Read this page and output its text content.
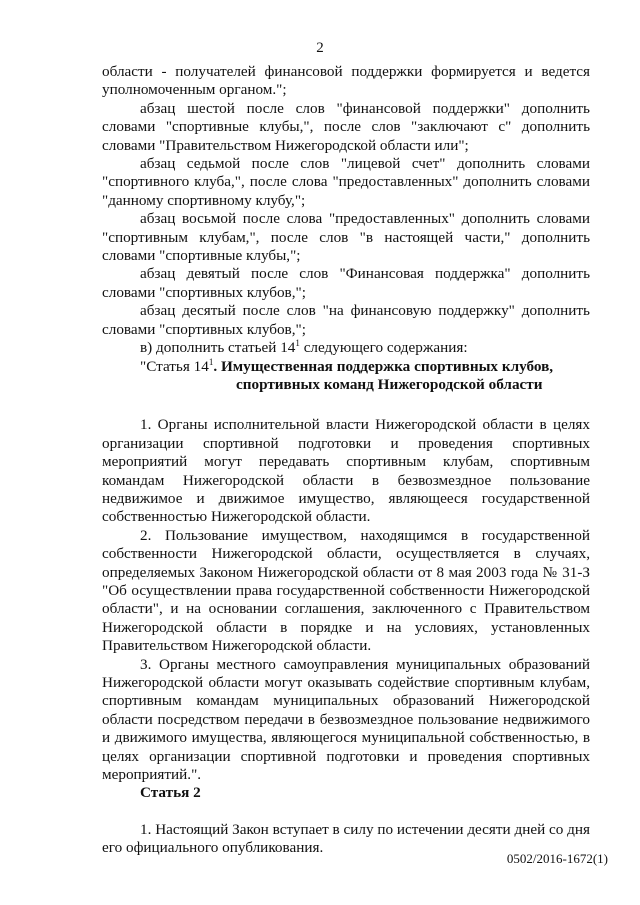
2

области - получателей финансовой поддержки формируется и ведется уполномоченным органом.";

абзац шестой после слов "финансовой поддержки" дополнить словами "спортивные клубы,", после слов "заключают с" дополнить словами "Правительством Нижегородской области или";

абзац седьмой после слов "лицевой счет" дополнить словами "спортивного клуба,", после слова "предоставленных" дополнить словами "данному спортивному клубу,";

абзац восьмой после слова "предоставленных" дополнить словами "спортивным клубам,", после слов "в настоящей части," дополнить словами "спортивные клубы,";

абзац девятый после слов "Финансовая поддержка" дополнить словами "спортивных клубов,";

абзац десятый после слов "на финансовую поддержку" дополнить словами "спортивных клубов,";

в) дополнить статьей $14^1$ следующего содержания:

"Статья $14^1$. Имущественная поддержка спортивных клубов,
спортивных команд Нижегородской области

1. Органы исполнительной власти Нижегородской области в целях организации спортивной подготовки и проведения спортивных мероприятий могут передавать спортивным клубам, спортивным командам Нижегородской области в безвозмездное пользование недвижимое и движимое имущество, являющееся государственной собственностью Нижегородской области.

2. Пользование имуществом, находящимся в государственной собственности Нижегородской области, осуществляется в случаях, определяемых Законом Нижегородской области от 8 мая 2003 года № 31-З "Об осуществлении права государственной собственности Нижегородской области", и на основании соглашения, заключенного с Правительством Нижегородской области в порядке и на условиях, установленных Правительством Нижегородской области.

3. Органы местного самоуправления муниципальных образований Нижегородской области могут оказывать содействие спортивным клубам, спортивным командам муниципальных образований Нижегородской области посредством передачи в безвозмездное пользование недвижимого и движимого имущества, являющегося муниципальной собственностью, в целях организации спортивной подготовки и проведения спортивных мероприятий.".

Статья 2

1. Настоящий Закон вступает в силу по истечении десяти дней со дня его официального опубликования.

0502/2016-1672(1)
